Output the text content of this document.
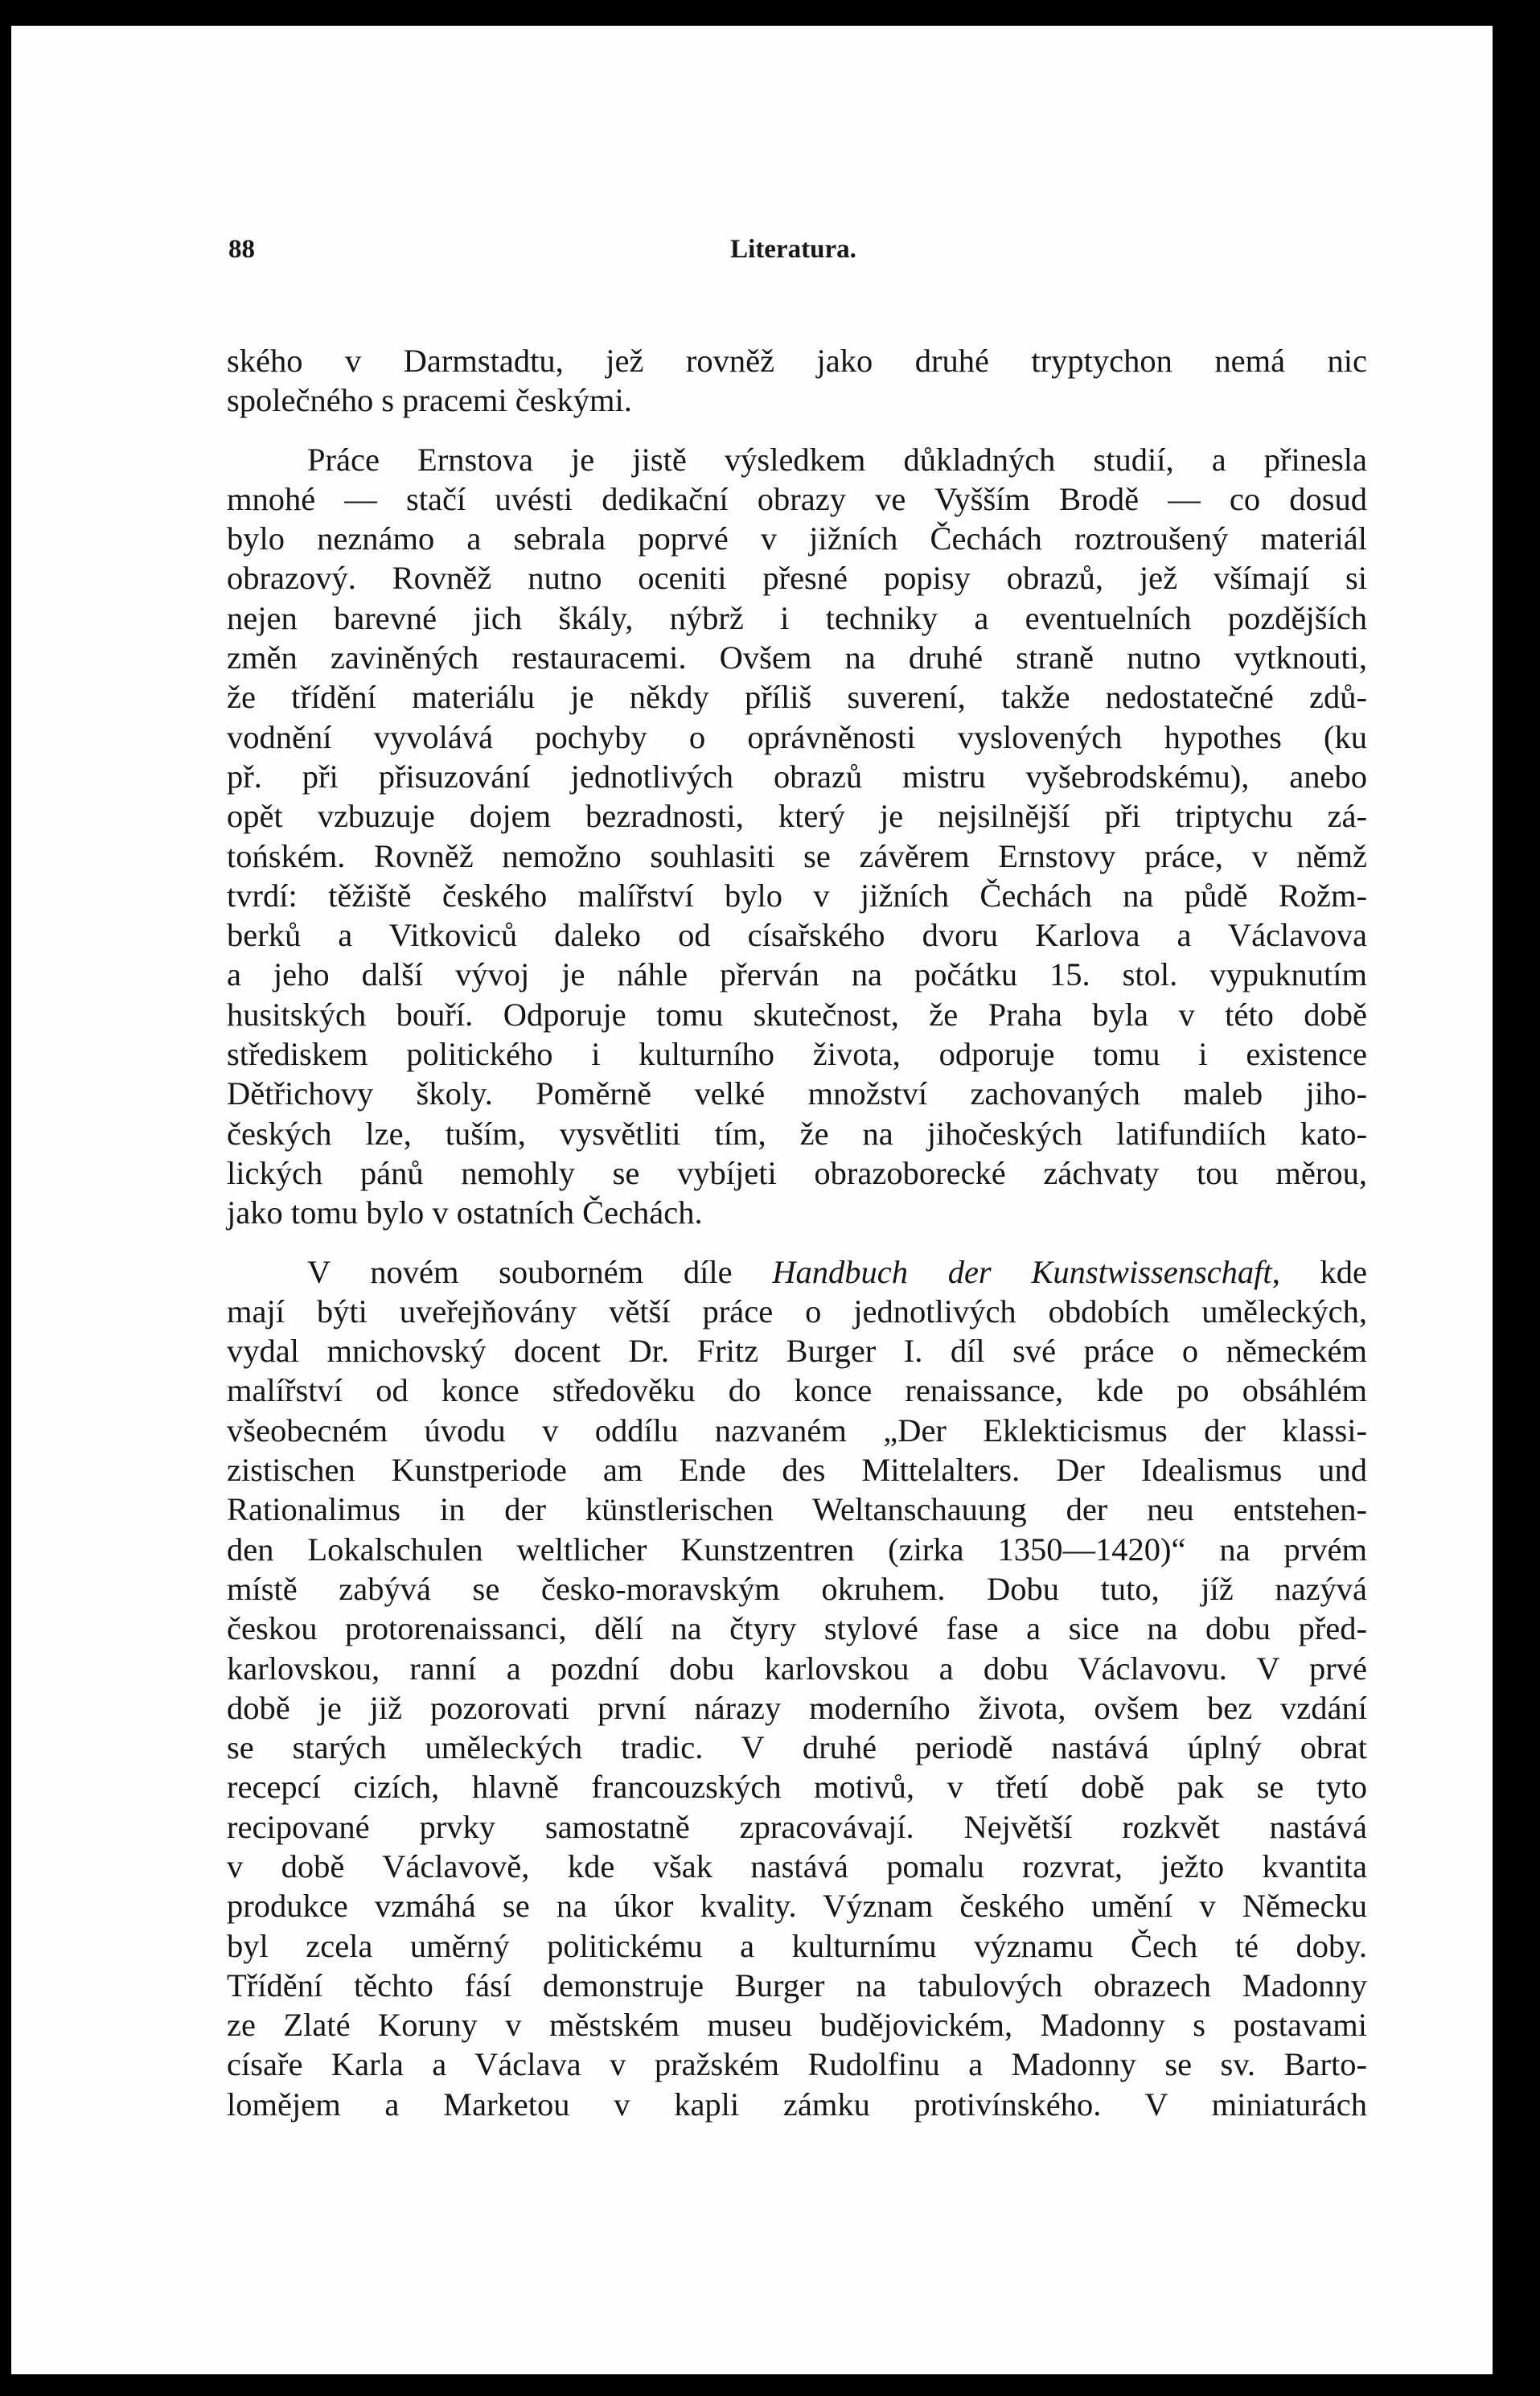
88	Literatura.
ského v Darmstadtu, jež rovněž jako druhé tryptychon nemá nic
společného s pracemi českými.
Práce Ernstova je jistě výsledkem důkladných studií, a přinesla
mnohé — stačí uvésti dedikační obrazy ve Vyšším Brodě — co dosud
bylo neznámo a sebrala poprvé v jižních Čechách roztroušený materiál
obrazový. Rovněž nutno oceniti přesné popisy obrazů, jež všímají si
nejen barevné jich škály, nýbrž i techniky a eventuelních pozdějších
změn zaviněných restauracemi. Ovšem na druhé straně nutno vytknouti,
že třídění materiálu je někdy příliš suverení, takže nedostatečné zdů-
vodnění vyvolává pochyby o oprávněnosti vyslovených hypothes (ku
př. při přisuzování jednotlivých obrazů mistru vyšebrodskému), anebo
opět vzbuzuje dojem bezradnosti, který je nejsilnější při triptychu zá-
tońském. Rovněž nemožno souhlasiti se závěrem Ernstovy práce, v němž
tvrdí: těžiště českého malířství bylo v jižních Čechách na půdě Rožm-
berků a Vitkoviců daleko od císařského dvoru Karlova a Václavova
a jeho další vývoj je náhle přerván na počátku 15. stol. vypuknutím
husitských bouří. Odporuje tomu skutečnost, že Praha byla v této době
střediskem politického i kulturního života, odporuje tomu i existence
Dětřichovy školy. Poměrně velké množství zachovaných maleb jiho-
českých lze, tuším, vysvětliti tím, že na jihočeských latifundiích kato-
lických pánů nemohly se vybíjeti obrazoborecké záchvaty tou měrou,
jako tomu bylo v ostatních Čechách.
V novém souborném díle Handbuch der Kunstwissenschaft, kde
mají býti uveřejňovány větší práce o jednotlivých obdobích uměleckých,
vydal mnichovský docent Dr. Fritz Burger I. díl své práce o německém
malířství od konce středověku do konce renaissance, kde po obsáhlém
všeobecném úvodu v oddílu nazvaném „Der Eklekticismus der klassi-
zistischen Kunstperiode am Ende des Mittelalters. Der Idealismus und
Rationalimus in der künstlerischen Weltanschauung der neu entstehen-
den Lokalschulen weltlicher Kunstzentren (zirka 1350—1420)“ na prvém
místě zabývá se česko-moravským okruhem. Dobu tuto, jíž nazývá
českou protorenaissanci, dělí na čtyry stylové fase a sice na dobu před-
karlovskou, ranní a pozdní dobu karlovskou a dobu Václavovu. V prvé
době je již pozorovati první nárazy moderního života, ovšem bez vzdání
se starých uměleckých tradic. V druhé periodě nastává úplný obrat
recepcí cizích, hlavně francouzských motivů, v třetí době pak se tyto
recipované prvky samostatně zpracovávají. Největší rozkvět nastává
v době Václavově, kde však nastává pomalu rozvrat, ježto kvantita
produkce vzmáhá se na úkor kvality. Význam českého umění v Německu
byl zcela uměrný politickému a kulturnímu významu Čech té doby.
Třídění těchto fásí demonstruje Burger na tabulových obrazech Madonny
ze Zlaté Koruny v městském museu budějovickém, Madonny s postavami
císaře Karla a Václava v pražském Rudolfinu a Madonny se sv. Barto-
lomějem a Marketou v kapli zámku protivínského. V miniaturách
